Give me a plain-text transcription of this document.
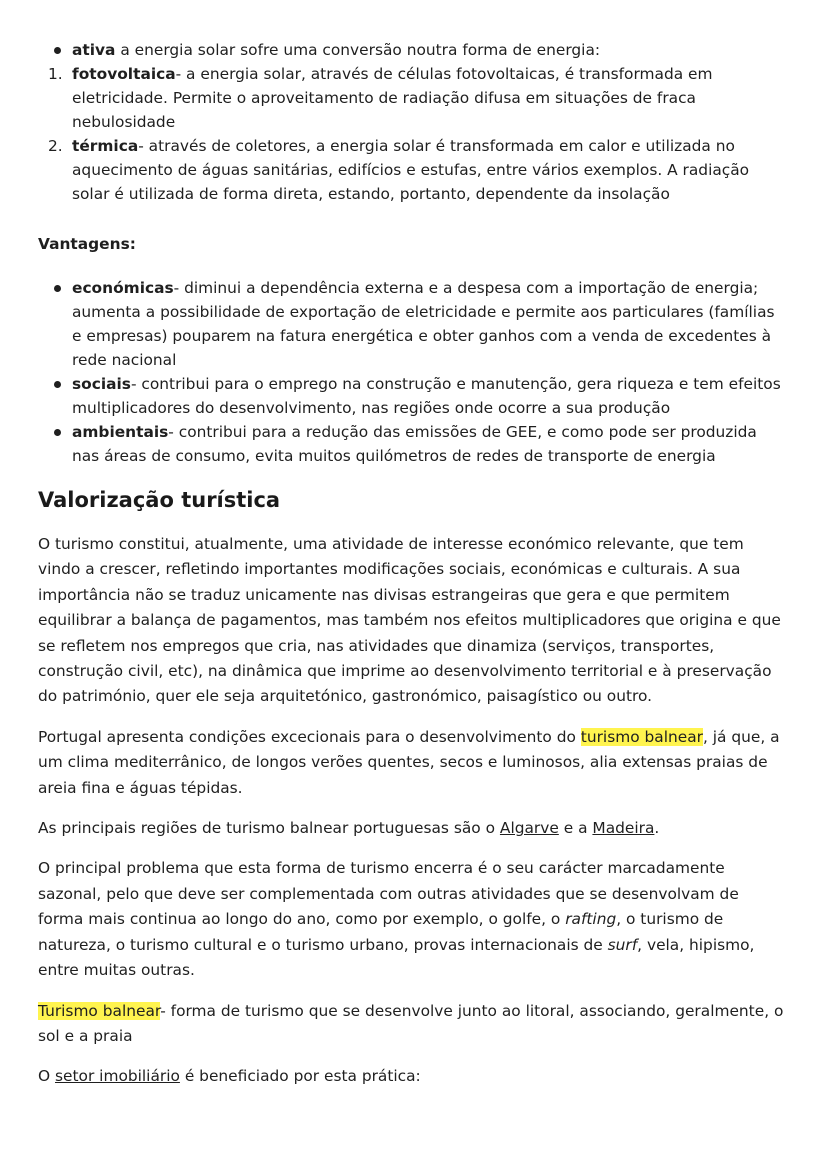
ativa a energia solar sofre uma conversão noutra forma de energia:
1. fotovoltaica- a energia solar, através de células fotovoltaicas, é transformada em eletricidade. Permite o aproveitamento de radiação difusa em situações de fraca nebulosidade
2. térmica- através de coletores, a energia solar é transformada em calor e utilizada no aquecimento de águas sanitárias, edifícios e estufas, entre vários exemplos. A radiação solar é utilizada de forma direta, estando, portanto, dependente da insolação
Vantagens:
económicas- diminui a dependência externa e a despesa com a importação de energia; aumenta a possibilidade de exportação de eletricidade e permite aos particulares (famílias e empresas) pouparem na fatura energética e obter ganhos com a venda de excedentes à rede nacional
sociais- contribui para o emprego na construção e manutenção, gera riqueza e tem efeitos multiplicadores do desenvolvimento, nas regiões onde ocorre a sua produção
ambientais- contribui para a redução das emissões de GEE, e como pode ser produzida nas áreas de consumo, evita muitos quilómetros de redes de transporte de energia
Valorização turística

O turismo constitui, atualmente, uma atividade de interesse económico relevante, que tem vindo a crescer, refletindo importantes modificações sociais, económicas e culturais. A sua importância não se traduz unicamente nas divisas estrangeiras que gera e que permitem equilibrar a balança de pagamentos, mas também nos efeitos multiplicadores que origina e que se refletem nos empregos que cria, nas atividades que dinamiza (serviços, transportes, construção civil, etc), na dinâmica que imprime ao desenvolvimento territorial e à preservação do património, quer ele seja arquitetónico, gastronómico, paisagístico ou outro.

Portugal apresenta condições excecionais para o desenvolvimento do turismo balnear, já que, a um clima mediterrânico, de longos verões quentes, secos e luminosos, alia extensas praias de areia fina e águas tépidas.

As principais regiões de turismo balnear portuguesas são o Algarve e a Madeira.

O principal problema que esta forma de turismo encerra é o seu carácter marcadamente sazonal, pelo que deve ser complementada com outras atividades que se desenvolvam de forma mais continua ao longo do ano, como por exemplo, o golfe, o rafting, o turismo de natureza, o turismo cultural e o turismo urbano, provas internacionais de surf, vela, hipismo, entre muitas outras.

Turismo balnear- forma de turismo que se desenvolve junto ao litoral, associando, geralmente, o sol e a praia

O setor imobiliário é beneficiado por esta prática:
